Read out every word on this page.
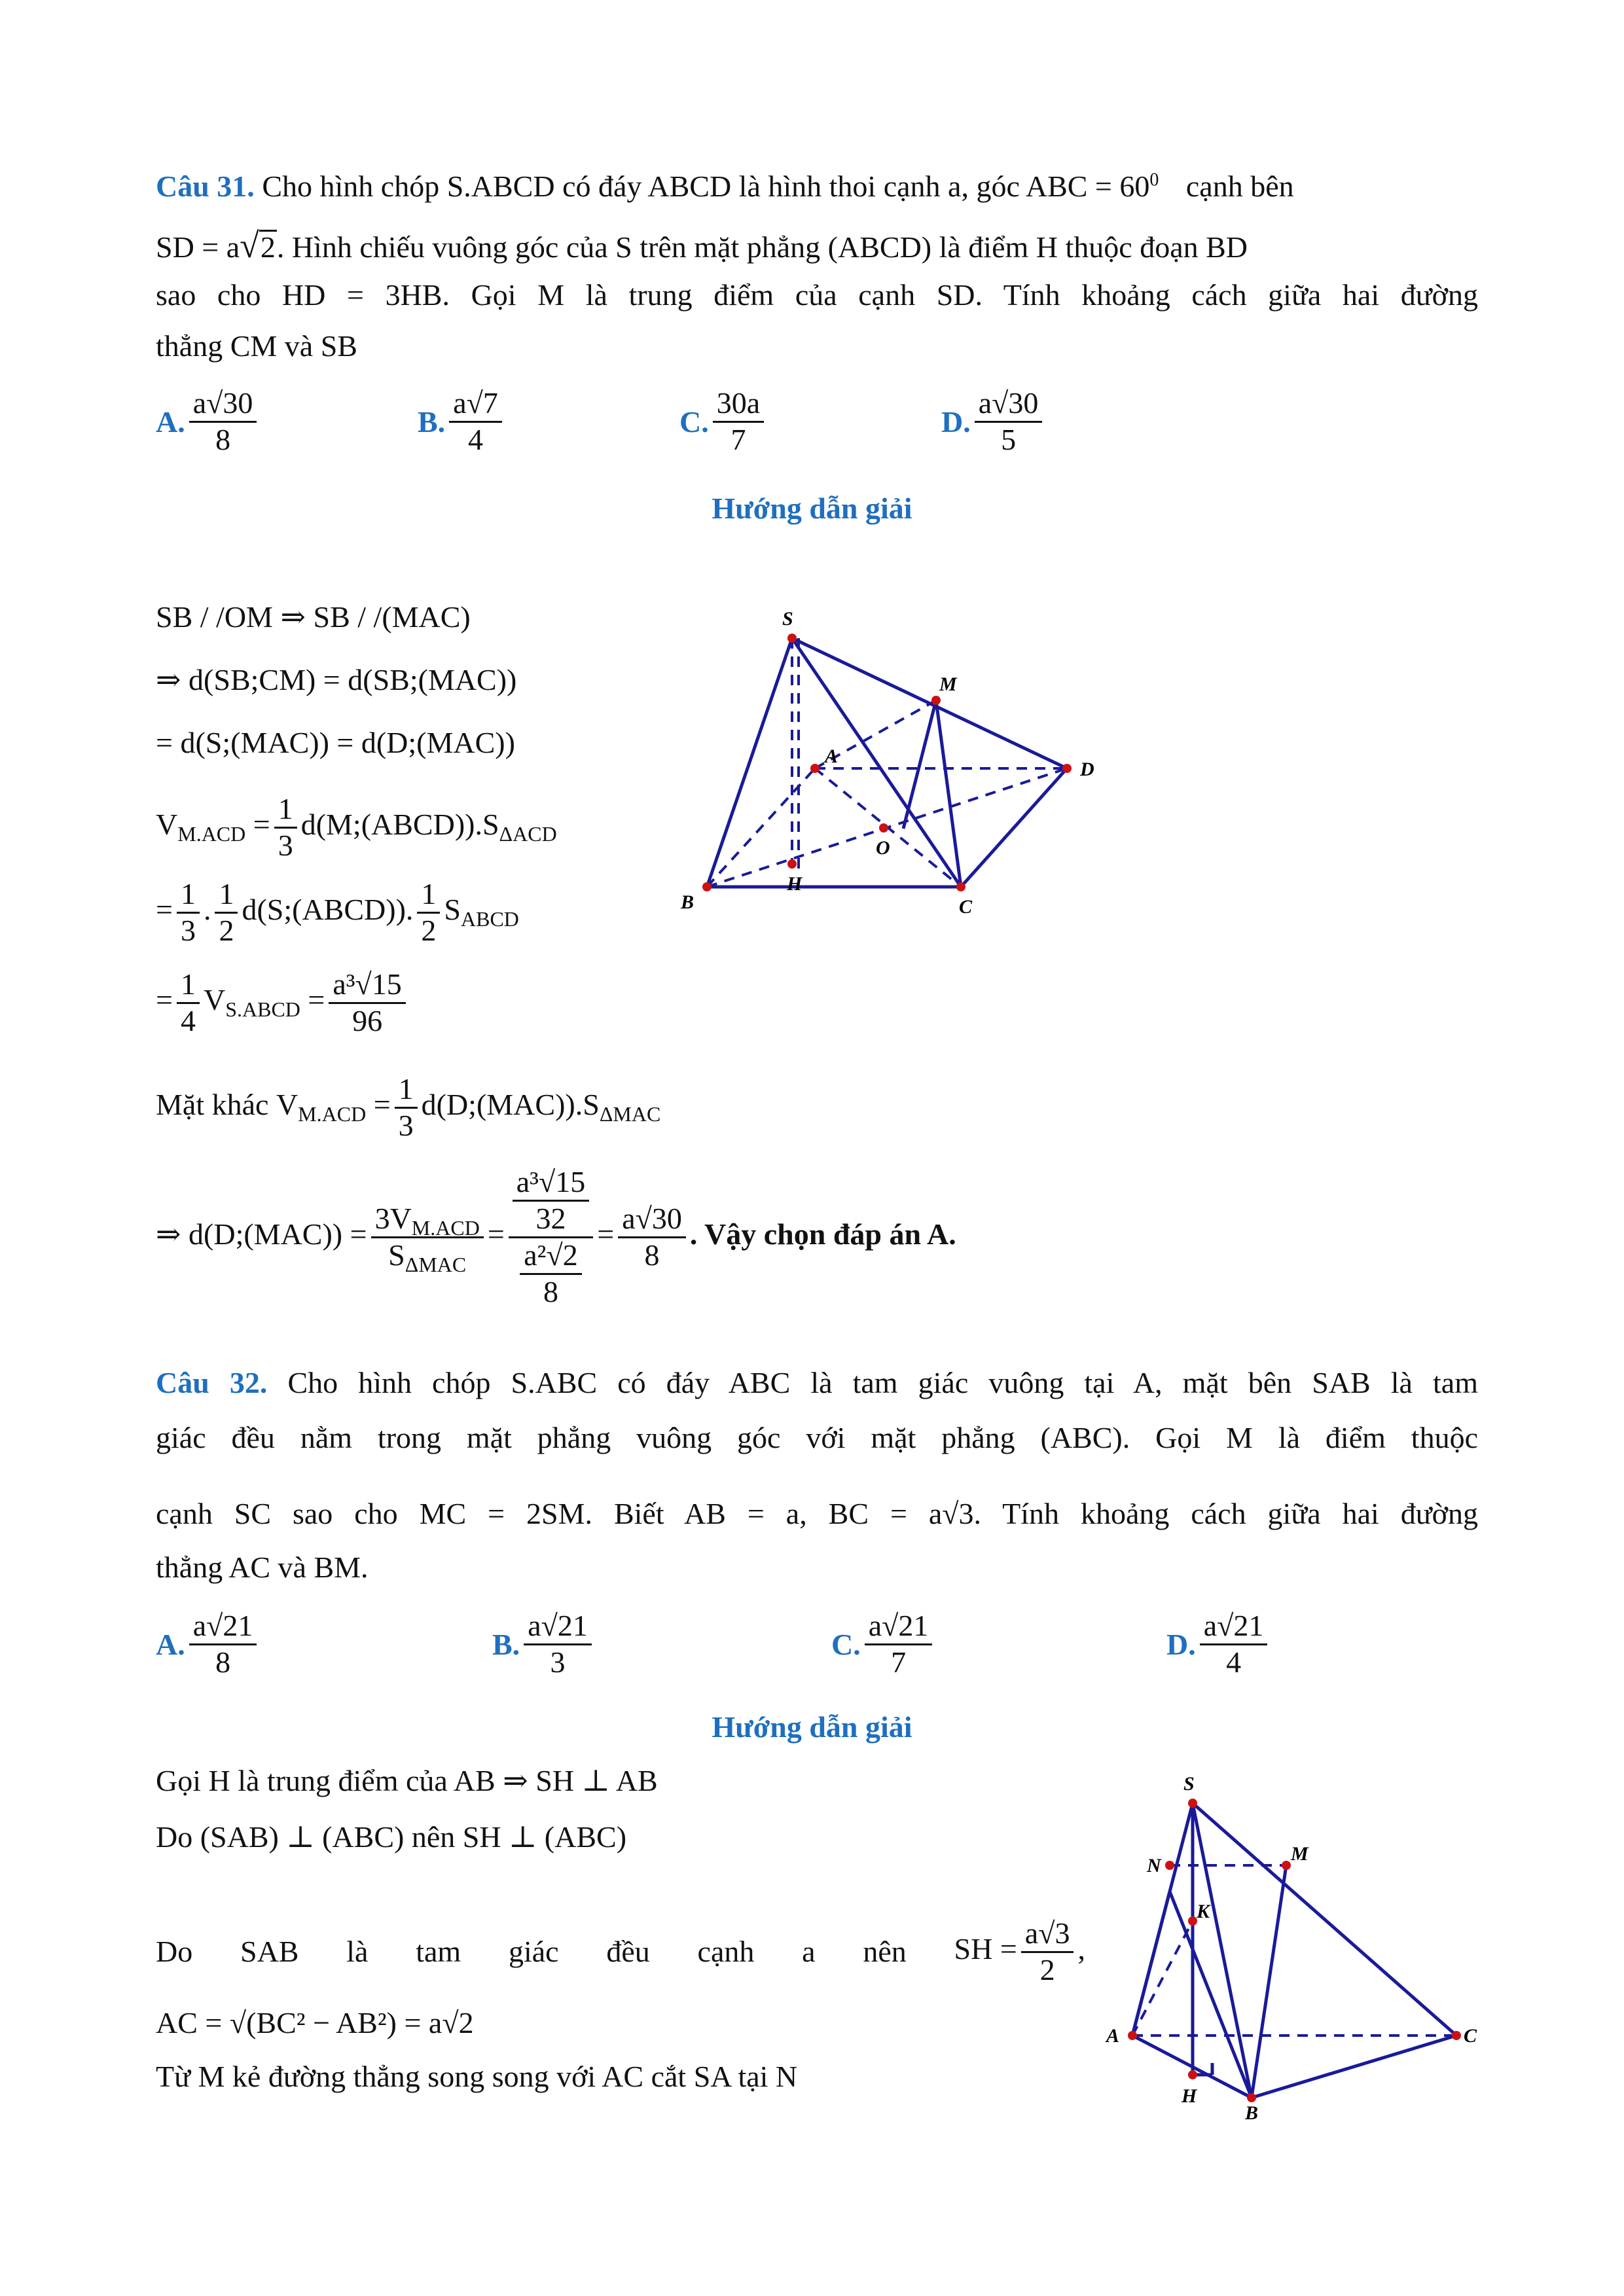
Câu 31. Cho hình chóp S.ABCD có đáy ABCD là hình thoi cạnh a, góc ABC = $60^0$ cạnh bên
SD = a√2. Hình chiếu vuông góc của S trên mặt phẳng (ABCD) là điểm H thuộc đoạn BD
sao cho HD = 3HB. Gọi M là trung điểm của cạnh SD. Tính khoảng cách giữa hai đường
thẳng CM và SB
A. $\frac{a√30}{8}$	B. $\frac{a√7}{4}$	C. $\frac{30a}{7}$	D. $\frac{a√30}{5}$
Hướng dẫn giải
SB / /OM ⇒ SB / /(MAC)
⇒ d(SB;CM) = d(SB;(MAC))
= d(S;(MAC)) = d(D;(MAC))
$V_{M.ACD} = \frac{1}{3}$ $d(M;(ABCD)).S_{\Delta ACD}$
= $\frac{1}{3}$ . $\frac{1}{2}$ d(S;(ABCD)). $\frac{1}{2} S_{ABCD}$
= $\frac{1}{4} V_{S.ABCD} = \frac{\text{a³√15}}{96}$
Mặt khác $V_{M.ACD} = \frac{1}{3}$ $d(D;(MAC)).S_{\Delta MAC}$
⇒ d(D;(MAC)) = $\frac{3V_{M.ACD}}{S_{\Delta MAC}} = \frac{\frac{\text{a³√15}}{32}}{\frac{\text{a²√2}}{8}} = \frac{a√30}{8}$ . Vậy chọn đáp án A.
S
M
A
D
O
H
B	C
Câu 32. Cho hình chóp S.ABC có đáy ABC là tam giác vuông tại A, mặt bên SAB là tam
giác đều nằm trong mặt phẳng vuông góc với mặt phẳng (ABC). Gọi M là điểm thuộc
cạnh SC sao cho MC = 2SM. Biết AB = a, BC = a√3. Tính khoảng cách giữa hai đường
thẳng AC và BM.
A. $\frac{a√21}{8}$	B. $\frac{a√21}{3}$	C. $\frac{a√21}{7}$	D. $\frac{a√21}{4}$
Hướng dẫn giải
Gọi H là trung điểm của AB ⇒ SH ⊥ AB
Do (SAB) ⊥ (ABC) nên SH ⊥ (ABC)
Do SAB là tam giác đều cạnh a nên SH = $\frac{a√3}{2}$ ,
AC = √(BC² − AB²) = a√2
Từ M kẻ đường thẳng song song với AC cắt SA tại N
S
M
N
K
A	C
H
B
